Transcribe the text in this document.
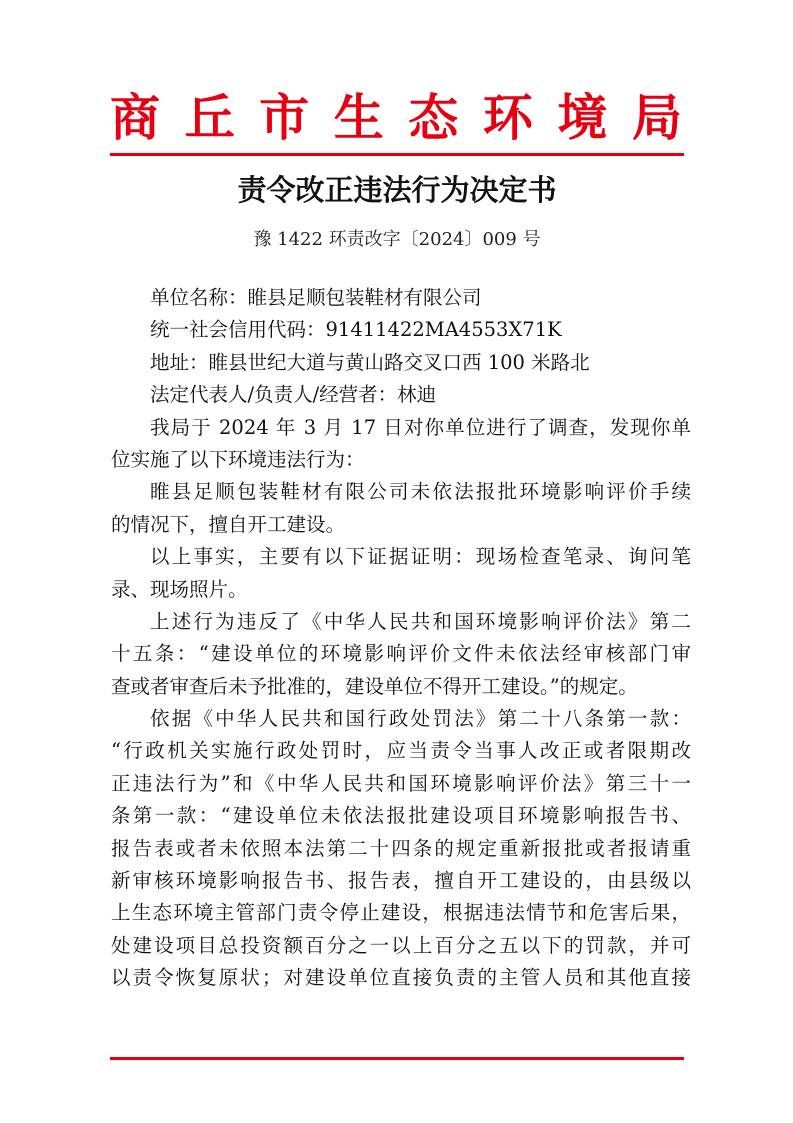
商丘市生态环境局
责令改正违法行为决定书
豫 1422 环责改字〔2024〕009 号
单位名称：睢县足顺包装鞋材有限公司
统一社会信用代码：91411422MA4553X71K
地址：睢县世纪大道与黄山路交叉口西 100 米路北
法定代表人/负责人/经营者：林迪
我局于 2024 年 3 月 17 日对你单位进行了调查，发现你单
位实施了以下环境违法行为：
睢县足顺包装鞋材有限公司未依法报批环境影响评价手续
的情况下，擅自开工建设。
以上事实，主要有以下证据证明：现场检查笔录、询问笔
录、现场照片。
上述行为违反了《中华人民共和国环境影响评价法》第二
十五条：“建设单位的环境影响评价文件未依法经审核部门审
查或者审查后未予批准的，建设单位不得开工建设。”的规定。
依据《中华人民共和国行政处罚法》第二十八条第一款：
“行政机关实施行政处罚时，应当责令当事人改正或者限期改
正违法行为”和《中华人民共和国环境影响评价法》第三十一
条第一款：“建设单位未依法报批建设项目环境影响报告书、
报告表或者未依照本法第二十四条的规定重新报批或者报请重
新审核环境影响报告书、报告表，擅自开工建设的，由县级以
上生态环境主管部门责令停止建设，根据违法情节和危害后果，
处建设项目总投资额百分之一以上百分之五以下的罚款，并可
以责令恢复原状；对建设单位直接负责的主管人员和其他直接
